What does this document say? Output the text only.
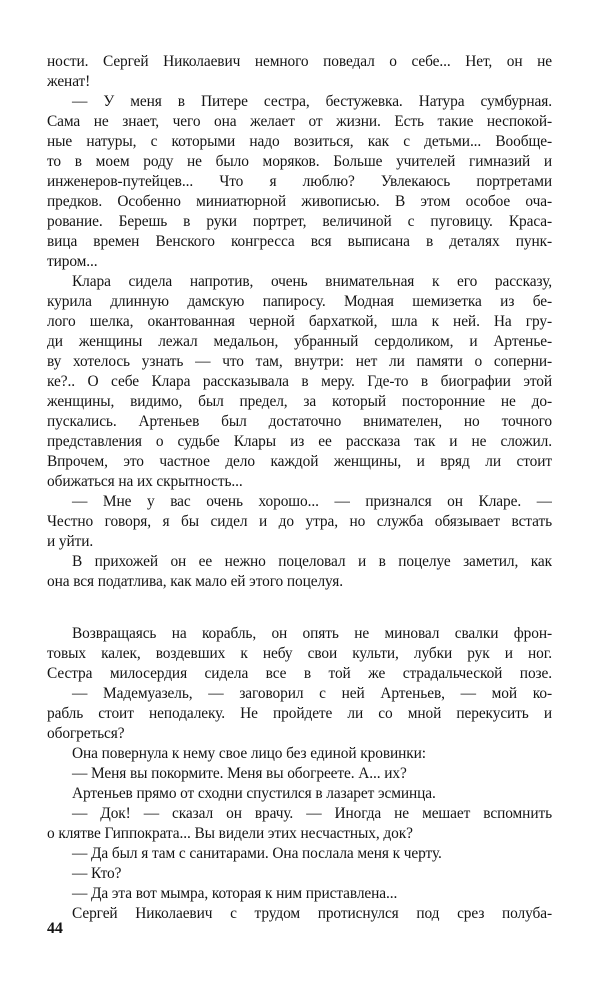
ности. Сергей Николаевич немного поведал о себе... Нет, он не
женат!
— У меня в Питере сестра, бестужевка. Натура сумбурная.
Сама не знает, чего она желает от жизни. Есть такие неспокой-
ные натуры, с которыми надо возиться, как с детьми... Вообще-
то в моем роду не было моряков. Больше учителей гимназий и
инженеров-путейцев... Что я люблю? Увлекаюсь портретами
предков. Особенно миниатюрной живописью. В этом особое оча-
рование. Берешь в руки портрет, величиной с пуговицу. Краса-
вица времен Венского конгресса вся выписана в деталях пунк-
тиром...
Клара сидела напротив, очень внимательная к его рассказу,
курила длинную дамскую папиросу. Модная шемизетка из бе-
лого шелка, окантованная черной бархаткой, шла к ней. На гру-
ди женщины лежал медальон, убранный сердоликом, и Артенье-
ву хотелось узнать — что там, внутри: нет ли памяти о соперни-
ке?.. О себе Клара рассказывала в меру. Где-то в биографии этой
женщины, видимо, был предел, за который посторонние не до-
пускались. Артеньев был достаточно внимателен, но точного
представления о судьбе Клары из ее рассказа так и не сложил.
Впрочем, это частное дело каждой женщины, и вряд ли стоит
обижаться на их скрытность...
— Мне у вас очень хорошо... — признался он Кларе. —
Честно говоря, я бы сидел и до утра, но служба обязывает встать
и уйти.
В прихожей он ее нежно поцеловал и в поцелуе заметил, как
она вся податлива, как мало ей этого поцелуя.
Возвращаясь на корабль, он опять не миновал свалки фрон-
товых калек, воздевших к небу свои культи, лубки рук и ног.
Сестра милосердия сидела все в той же страдальческой позе.
— Мадемуазель, — заговорил с ней Артеньев, — мой ко-
рабль стоит неподалеку. Не пройдете ли со мной перекусить и
обогреться?
Она повернула к нему свое лицо без единой кровинки:
— Меня вы покормите. Меня вы обогреете. А... их?
Артеньев прямо от сходни спустился в лазарет эсминца.
— Док! — сказал он врачу. — Иногда не мешает вспомнить
о клятве Гиппократа... Вы видели этих несчастных, док?
— Да был я там с санитарами. Она послала меня к черту.
— Кто?
— Да эта вот мымра, которая к ним приставлена...
Сергей Николаевич с трудом протиснулся под срез полуба-
44
